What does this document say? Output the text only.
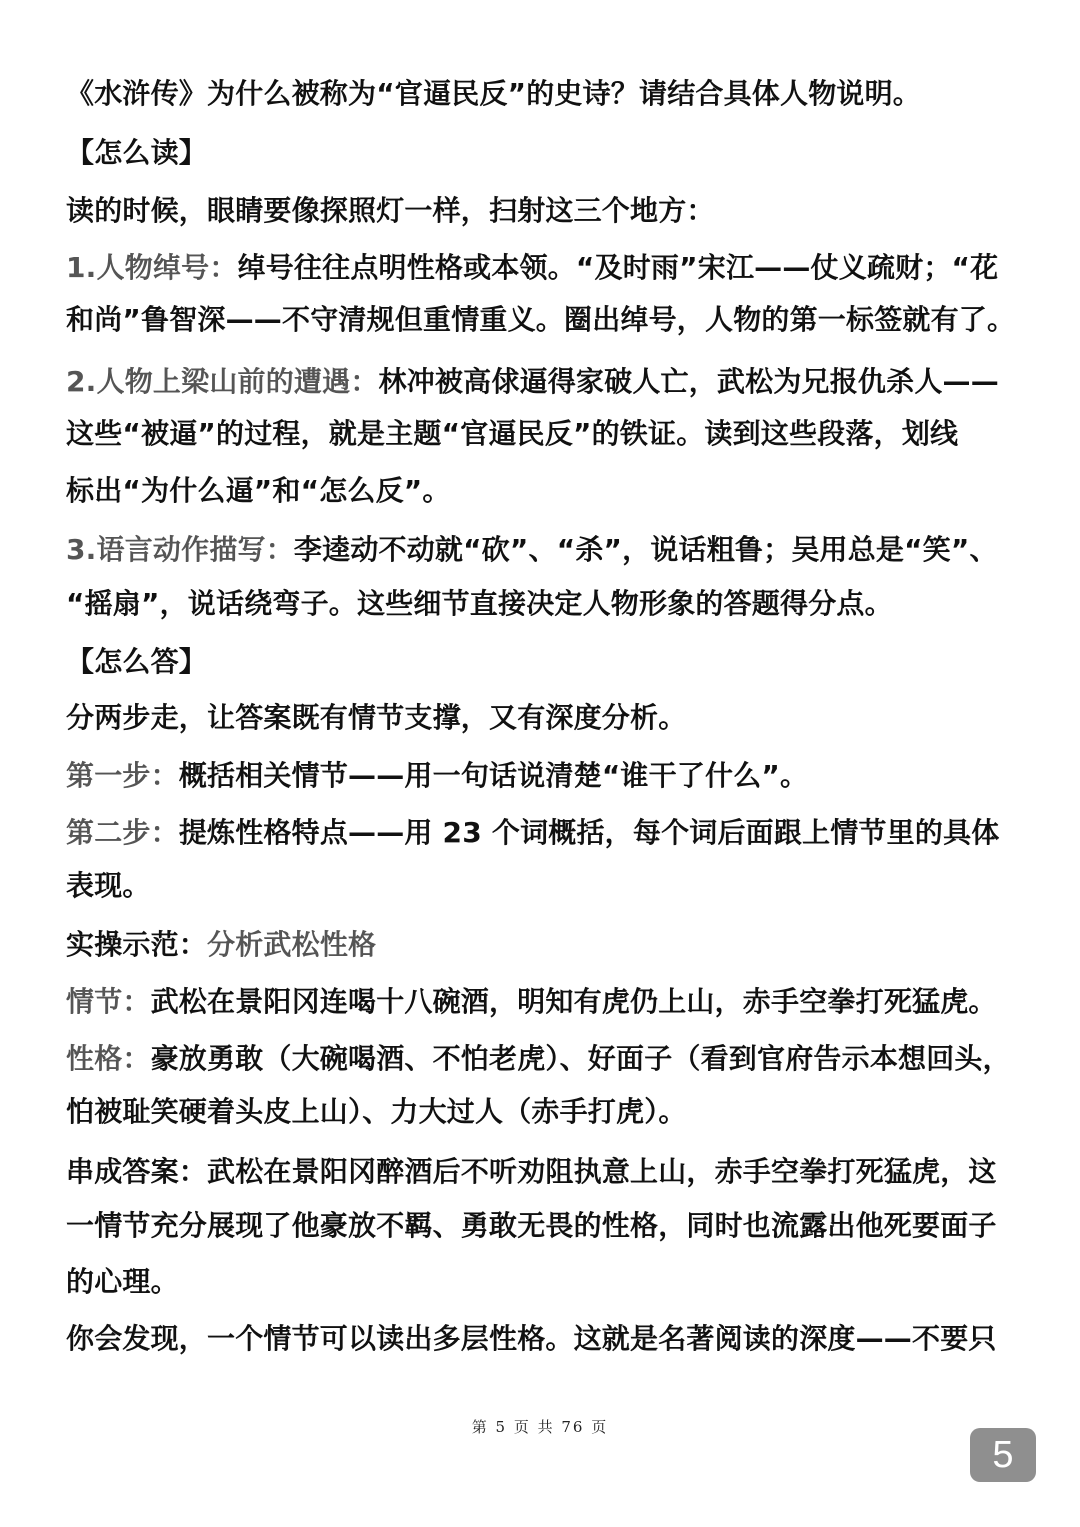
《水浒传》为什么被称为“官逼民反”的史诗？请结合具体人物说明。
【怎么读】
读的时候，眼睛要像探照灯一样，扫射这三个地方：
1.人物绰号：绰号往往点明性格或本领。“及时雨”宋江——仗义疏财；“花
和尚”鲁智深——不守清规但重情重义。圈出绰号，人物的第一标签就有了。
2.人物上梁山前的遭遇：林冲被高俅逼得家破人亡，武松为兄报仇杀人——
这些“被逼”的过程，就是主题“官逼民反”的铁证。读到这些段落，划线
标出“为什么逼”和“怎么反”。
3.语言动作描写：李逵动不动就“砍”、“杀”，说话粗鲁；吴用总是“笑”、
“摇扇”，说话绕弯子。这些细节直接决定人物形象的答题得分点。
【怎么答】
分两步走，让答案既有情节支撑，又有深度分析。
第一步：概括相关情节——用一句话说清楚“谁干了什么”。
第二步：提炼性格特点——用 23 个词概括，每个词后面跟上情节里的具体
表现。
实操示范：分析武松性格
情节：武松在景阳冈连喝十八碗酒，明知有虎仍上山，赤手空拳打死猛虎。
性格：豪放勇敢（大碗喝酒、不怕老虎）、好面子（看到官府告示本想回头，
怕被耻笑硬着头皮上山）、力大过人（赤手打虎）。
串成答案：武松在景阳冈醉酒后不听劝阻执意上山，赤手空拳打死猛虎，这
一情节充分展现了他豪放不羁、勇敢无畏的性格，同时也流露出他死要面子
的心理。
你会发现，一个情节可以读出多层性格。这就是名著阅读的深度——不要只
第 5 页 共 76 页
5
